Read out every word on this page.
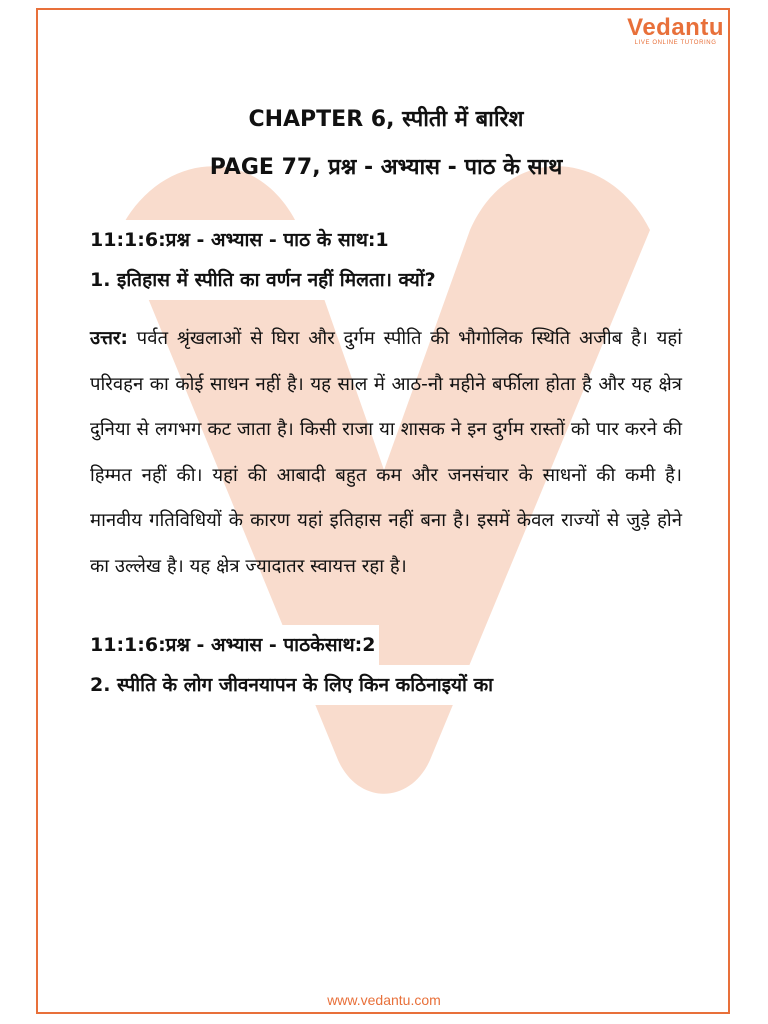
Vedantu
LIVE ONLINE TUTORING

CHAPTER 6, स्पीती में बारिश

PAGE 77, प्रश्न - अभ्यास - पाठ के साथ

11:1:6:प्रश्न - अभ्यास - पाठ के साथ:1

1. इतिहास में स्पीति का वर्णन नहीं मिलता। क्यों?

उत्तर: पर्वत श्रृंखलाओं से घिरा और दुर्गम स्पीति की भौगोलिक स्थिति अजीब है। यहां परिवहन का कोई साधन नहीं है। यह साल में आठ-नौ महीने बर्फीला होता है और यह क्षेत्र दुनिया से लगभग कट जाता है। किसी राजा या शासक ने इन दुर्गम रास्तों को पार करने की हिम्मत नहीं की। यहां की आबादी बहुत कम और जनसंचार के साधनों की कमी है। मानवीय गतिविधियों के कारण यहां इतिहास नहीं बना है। इसमें केवल राज्यों से जुड़े होने का उल्लेख है। यह क्षेत्र ज्यादातर स्वायत्त रहा है।

11:1:6:प्रश्न - अभ्यास - पाठकेसाथ:2

2. स्पीति के लोग जीवनयापन के लिए किन कठिनाइयों का

www.vedantu.com
